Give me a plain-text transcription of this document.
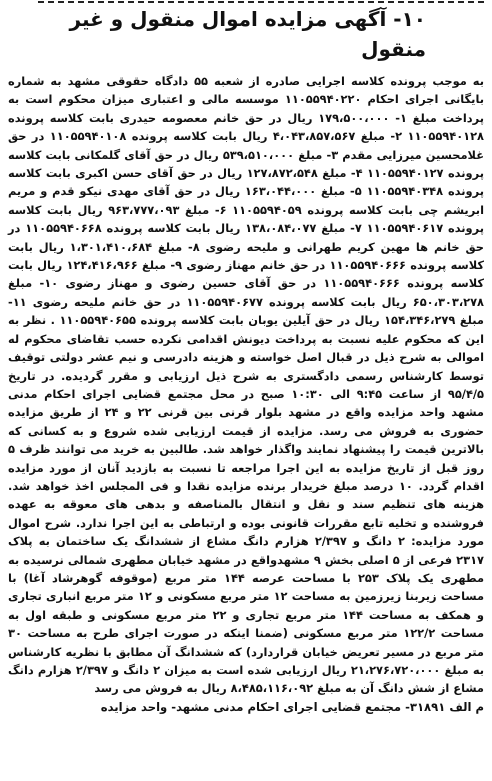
۱۰- آگهی مزایده اموال منقول و غیر منقول

به موجب پرونده کلاسه اجرایی صادره از شعبه ۵۵ دادگاه حقوقی مشهد به شماره بایگانی اجرای احکام ۱۱۰۵۵۹۴۰۲۲۰ موسسه مالی و اعتباری میزان محکوم است به پرداخت مبلغ ۱- ۱۷۹،۵۰۰،۰۰۰ ریال در حق خانم معصومه حیدری بابت کلاسه پرونده ۱۱۰۵۵۹۴۰۱۲۸ ۲- مبلغ ۴،۰۴۳،۸۵۷،۵۶۷ ریال بابت کلاسه پرونده ۱۱۰۵۵۹۴۰۱۰۸ در حق غلامحسین میرزایی مقدم ۳- مبلغ ۵۳۹،۵۱۰،۰۰۰ ریال در حق آقای گلمکانی بابت کلاسه پرونده ۱۱۰۵۵۹۴۰۱۲۷ ۴- مبلغ ۱۲۷،۸۷۲،۵۴۸ ریال در حق آقای حسن اکبری بابت کلاسه پرونده ۱۱۰۵۵۹۴۰۳۴۸ ۵- مبلغ ۱۶۳،۰۴۴،۰۰۰ ریال در حق آقای مهدی نیکو قدم و مریم ابریشم چی بابت کلاسه پرونده ۱۱۰۵۵۹۴۰۵۹ ۶- مبلغ ۹۶۳،۷۷۷،۰۹۳ ریال بابت کلاسه پرونده ۱۱۰۵۵۹۴۰۶۱۷ ۷- مبلغ ۱۳۸،۰۸۴،۰۷۷ ریال بابت کلاسه پرونده ۱۱۰۵۵۹۴۰۶۶۸ در حق خانم ها مهین کریم طهرانی و ملیحه رضوی ۸- مبلغ ۱،۳۰۱،۴۱۰،۶۸۴ ریال بابت کلاسه پرونده ۱۱۰۵۵۹۴۰۶۶۶ در حق خانم مهناز رضوی ۹- مبلغ ۱۲۴،۴۱۶،۹۶۶ ریال بابت کلاسه پرونده ۱۱۰۵۵۹۴۰۶۶۶ در حق آقای حسین رضوی و مهناز رضوی ۱۰- مبلغ ۶۵۰،۳۰۳،۲۷۸ ریال بابت کلاسه پرونده ۱۱۰۵۵۹۴۰۶۷۷ در حق خانم ملیحه رضوی ۱۱- مبلغ ۱۵۴،۳۴۶،۲۷۹ ریال در حق آیلین یوبان بابت کلاسه پرونده ۱۱۰۵۵۹۴۰۶۵۵ . نظر به این که محکوم علیه نسبت به پرداخت دیونش اقدامی نکرده حسب تقاضای محکوم له اموالی به شرح ذیل در قبال اصل خواسته و هزینه دادرسی و نیم عشر دولتی توقیف توسط کارشناس رسمی دادگستری به شرح ذیل ارزیابی و مقرر گردیده. در تاریخ ۹۵/۴/۵ از ساعت ۹:۴۵ الی ۱۰:۳۰ صبح در محل مجتمع قضایی اجرای احکام مدنی مشهد واحد مزایده واقع در مشهد بلوار قرنی بین قرنی ۲۲ و ۲۴ از طریق مزایده حضوری به فروش می رسد. مزایده از قیمت ارزیابی شده شروع و به کسانی که بالاترین قیمت را پیشنهاد نمایند واگذار خواهد شد. طالبین به خرید می توانند ظرف ۵ روز قبل از تاریخ مزایده به این اجرا مراجعه تا نسبت به بازدید آنان از مورد مزایده اقدام گردد. ۱۰ درصد مبلغ خریدار برنده مزایده نقدا و فی المجلس اخذ خواهد شد. هزینه های تنظیم سند و نقل و انتقال بالمناصفه و بدهی های معوقه به عهده فروشنده و تخلیه تابع مقررات قانونی بوده و ارتباطی به این اجرا ندارد. شرح اموال مورد مزایده: ۲ دانگ و ۲/۳۹۷ هزارم دانگ مشاع از ششدانگ یک ساختمان به پلاک ۲۳۱۷ فرعی از ۵ اصلی بخش ۹ مشهدواقع در مشهد خیابان مطهری شمالی نرسیده به مطهری یک پلاک ۲۵۳ با مساحت عرصه ۱۴۴ متر مربع (موقوفه گوهرشاد آغا) با مساحت زیربنا زیرزمین به مساحت ۱۲ متر مربع مسکونی و ۱۲ متر مربع انباری تجاری و همکف به مساحت ۱۴۴ متر مربع تجاری و ۲۲ متر مربع مسکونی و طبقه اول به مساحت ۱۲۲/۲ متر مربع مسکونی (ضمنا اینکه در صورت اجرای طرح به مساحت ۳۰ متر مربع در مسیر تعریض خیابان قراردارد) که ششدانگ آن مطابق با نظریه کارشناس به مبلغ ۲۱،۲۷۶،۷۲۰،۰۰۰ ریال ارزیابی شده است به میزان ۲ دانگ و ۲/۳۹۷ هزارم دانگ مشاع از شش دانگ آن به مبلغ ۸،۴۸۵،۱۱۶،۰۹۲ ریال به فروش می رسد

م الف ۳۱۸۹۱- مجتمع قضایی اجرای احکام مدنی مشهد- واحد مزایده
